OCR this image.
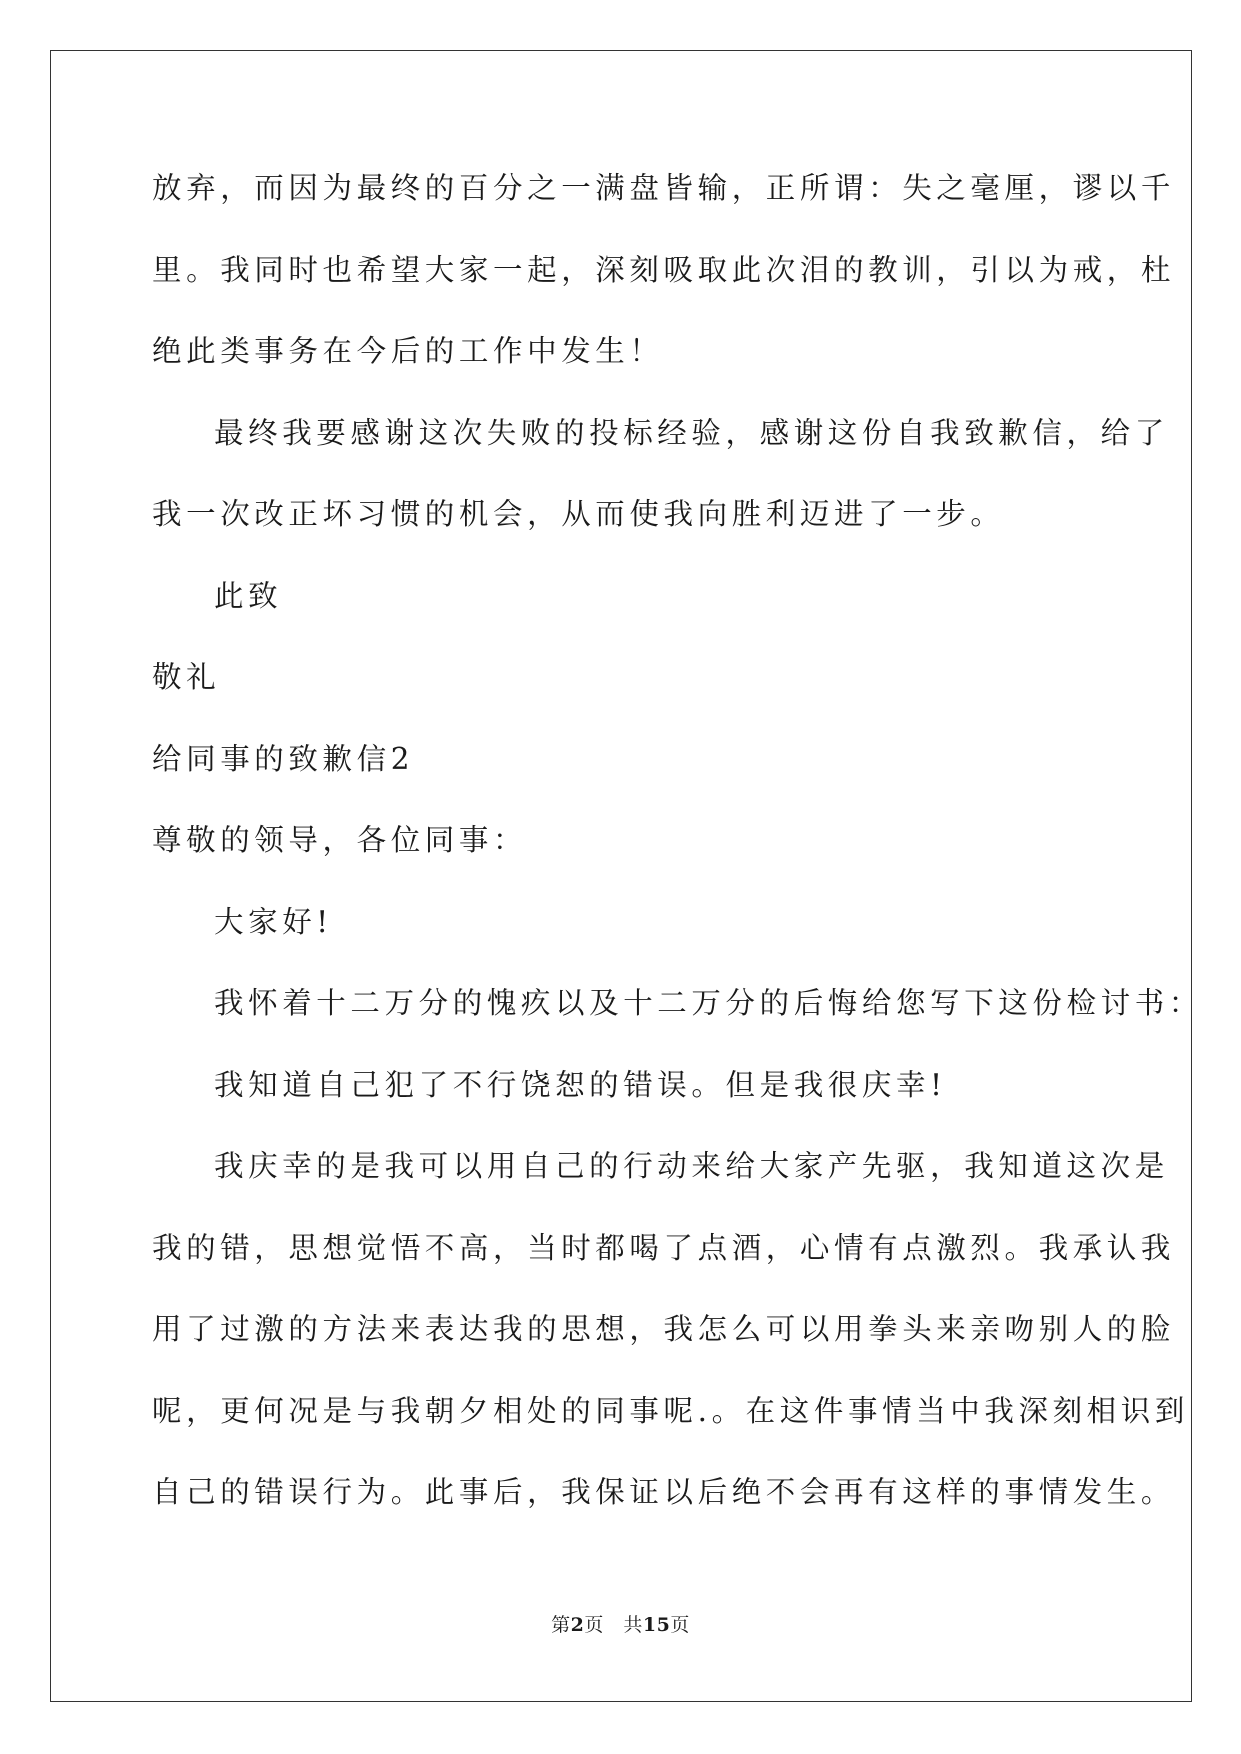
放弃，而因为最终的百分之一满盘皆输，正所谓：失之毫厘，谬以千
里。我同时也希望大家一起，深刻吸取此次泪的教训，引以为戒，杜
绝此类事务在今后的工作中发生！
最终我要感谢这次失败的投标经验，感谢这份自我致歉信，给了
我一次改正坏习惯的机会，从而使我向胜利迈进了一步。
此致
敬礼
给同事的致歉信2
尊敬的领导，各位同事：
大家好!
我怀着十二万分的愧疚以及十二万分的后悔给您写下这份检讨书：
我知道自己犯了不行饶恕的错误。但是我很庆幸!
我庆幸的是我可以用自己的行动来给大家产先驱，我知道这次是
我的错，思想觉悟不高，当时都喝了点酒，心情有点激烈。我承认我
用了过激的方法来表达我的思想，我怎么可以用拳头来亲吻别人的脸
呢，更何况是与我朝夕相处的同事呢.。在这件事情当中我深刻相识到
自己的错误行为。此事后，我保证以后绝不会再有这样的事情发生。
第2页　共15页
